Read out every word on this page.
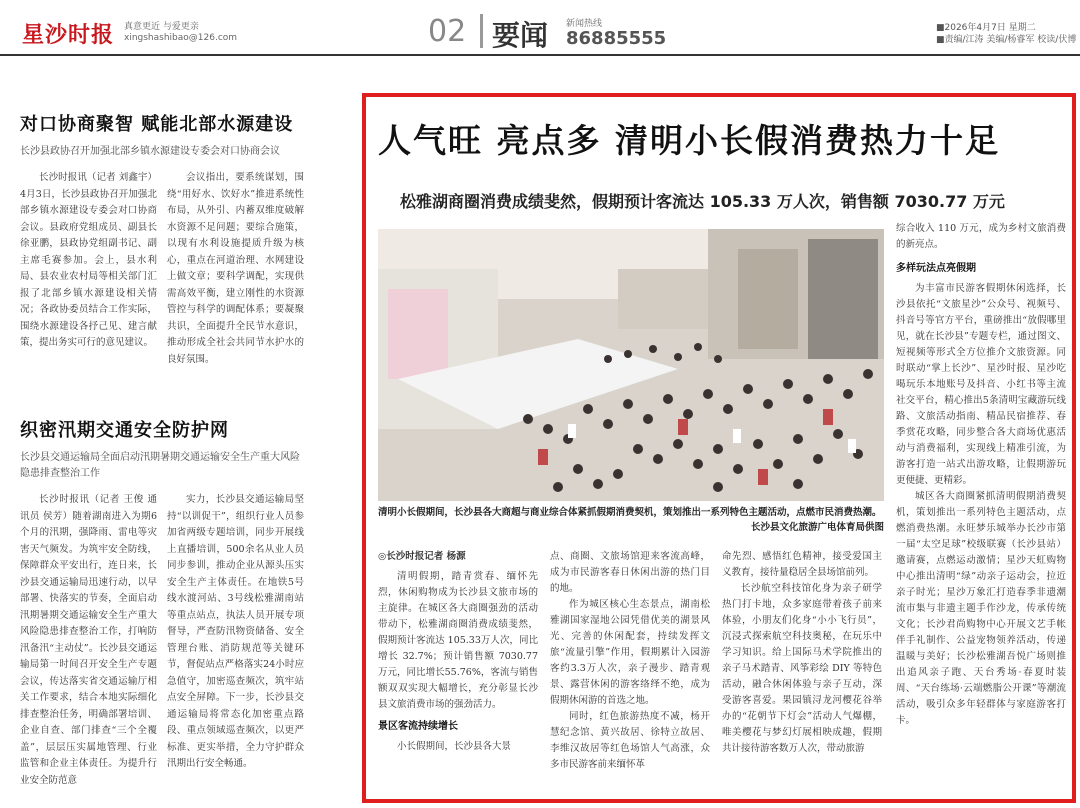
星沙时报 真意更近 与爱更亲
xingshashibao@126.com	02 要闻 新闻热线
86885555	■2026年4月7日 星期二
■责编/江涛 美编/杨睿军 校读/伏博
对口协商聚智 赋能北部水源建设
长沙县政协召开加强北部乡镇水源建设专委会对口协商会议

长沙时报讯（记者 刘鑫宇）4月3日，长沙县政协召开加强北部乡镇水源建设专委会对口协商会议。县政府党组成员、副县长徐亚鹏，县政协党组副书记、副主席毛赛参加。会上，县水利局、县农业农村局等相关部门汇报了北部乡镇水源建设相关情况；各政协委员结合工作实际，围绕水源建设各抒己见、建言献策，提出务实可行的意见建议。

会议指出，要系统谋划，围绕“用好水、饮好水”推进系统性布局，从外引、内蓄双维度破解水资源不足问题；要综合施策，以现有水利设施提质升级为核心，重点在河道治理、水网建设上做文章；要科学调配，实现供需高效平衡，建立刚性的水资源管控与科学的调配体系；要凝聚共识，全面提升全民节水意识，推动形成全社会共同节水护水的良好氛围。

织密汛期交通安全防护网
长沙县交通运输局全面启动汛期暑期交通运输安全生产重大风险隐患排查整治工作

长沙时报讯（记者 王俊 通讯员 侯芳）随着湖南进入为期6个月的汛期，强降雨、雷电等灾害天气频发。为筑牢安全防线，保障群众平安出行，连日来，长沙县交通运输局迅速行动，以早部署、快落实的节奏，全面启动汛期暑期交通运输安全生产重大风险隐患排查整治工作，打响防汛备汛“主动仗”。长沙县交通运输局第一时间召开安全生产专题会议，传达落实省交通运输厅相关工作要求，结合本地实际细化排查整治任务，明确部署培训、企业自查、部门排查“三个全覆盖”，层层压实属地管理、行业监管和企业主体责任。为提升行业安全防范意

实力，长沙县交通运输局坚持“以训促干”，组织行业人员参加省两级专题培训，同步开展线上直播培训，500余名从业人员同步参训，推动企业从源头压实安全生产主体责任。在地铁5号线水渡河站、3号线松雅湖南站等重点站点，执法人员开展专项督导，严查防汛物资储备、安全管理台账、消防规范等关键环节，督促站点严格落实24小时应急值守，加密巡查频次，筑牢站点安全屏障。下一步，长沙县交通运输局将常态化加密重点路段、重点领域巡查频次，以更严标准、更实举措，全力守护群众汛期出行安全畅通。

人气旺 亮点多 清明小长假消费热力十足
松雅湖商圈消费成绩斐然，假期预计客流达 105.33 万人次，销售额 7030.77 万元
清明小长假期间，长沙县各大商超与商业综合体紧抓假期消费契机，策划推出一系列特色主题活动，点燃市民消费热潮。
长沙县文化旅游广电体育局供图
◎长沙时报记者 杨源

清明假期，踏青赏春、缅怀先烈，休闲购物成为长沙县文旅市场的主旋律。在城区各大商圈强劲的活动带动下，松雅湖商圈消费成绩斐然，假期预计客流达 105.33万人次，同比增长 32.7%；预计销售额 7030.77 万元，同比增长55.76%，客流与销售额双双实现大幅增长，充分彰显长沙县文旅消费市场的强劲活力。

景区客流持续增长

小长假期间，长沙县各大景

点、商圈、文旅场馆迎来客流高峰，成为市民游客春日休闲出游的热门目的地。

作为城区核心生态景点，湖南松雅湖国家湿地公园凭借优美的湖景风光、完善的休闲配套，持续发挥文旅“流量引擎”作用，假期累计入园游客约3.3万人次，亲子漫步、踏青观景、露营休闲的游客络绎不绝，成为假期休闲游的首选之地。

同时，红色旅游热度不减，杨开慧纪念馆、黄兴故居、徐特立故居、李维汉故居等红色场馆人气高涨，众多市民游客前来缅怀革

命先烈、感悟红色精神，接受爱国主义教育，接待量稳居全县场馆前列。

长沙航空科技馆化身为亲子研学热门打卡地，众多家庭带着孩子前来体验，小朋友们化身“小小飞行员”，沉浸式探索航空科技奥秘，在玩乐中学习知识。给上国际马术学院推出的亲子马术踏青、风筝彩绘 DIY 等特色活动，融合休闲体验与亲子互动，深受游客喜爱。果园镇浔龙河樱花谷举办的“花朝节下灯会”活动人气爆棚，唯美樱花与梦幻灯展相映成趣，假期共计接待游客数万人次，带动旅游

综合收入 110 万元，成为乡村文旅消费的新亮点。

多样玩法点亮假期

为丰富市民游客假期休闲选择，长沙县依托“文旅星沙”公众号、视频号、抖音号等官方平台，重磅推出“放假哪里见，就在长沙县”专题专栏，通过图文、短视频等形式全方位推介文旅资源。同时联动“掌上长沙”、星沙时报、星沙吃喝玩乐本地账号及抖音、小红书等主流社交平台，精心推出5条清明宝藏游玩线路、文旅活动指南、精品民宿推荐、春季赏花攻略，同步整合各大商场优惠活动与消费福利，实现线上精准引流，为游客打造一站式出游攻略，让假期游玩更便捷、更精彩。

城区各大商圈紧抓清明假期消费契机，策划推出一系列特色主题活动，点燃消费热潮。永旺梦乐城举办长沙市第一届“太空足球”校级联赛（长沙县站）邀请赛，点燃运动激情；星沙天虹购物中心推出清明“绿”动亲子运动会，拉近亲子时光；星沙万象汇打造春季非遗潮流市集与非遗主题手作沙龙，传承传统文化；长沙君尚购物中心开展文艺手帐伴手礼制作、公益宠物领养活动，传递温暖与美好；长沙松雅湖吾悦广场则推出追风亲子跑、天台秀场·春夏时装周、“天台练场·云端燃脂公开课”等潮流活动，吸引众多年轻群体与家庭游客打卡。
